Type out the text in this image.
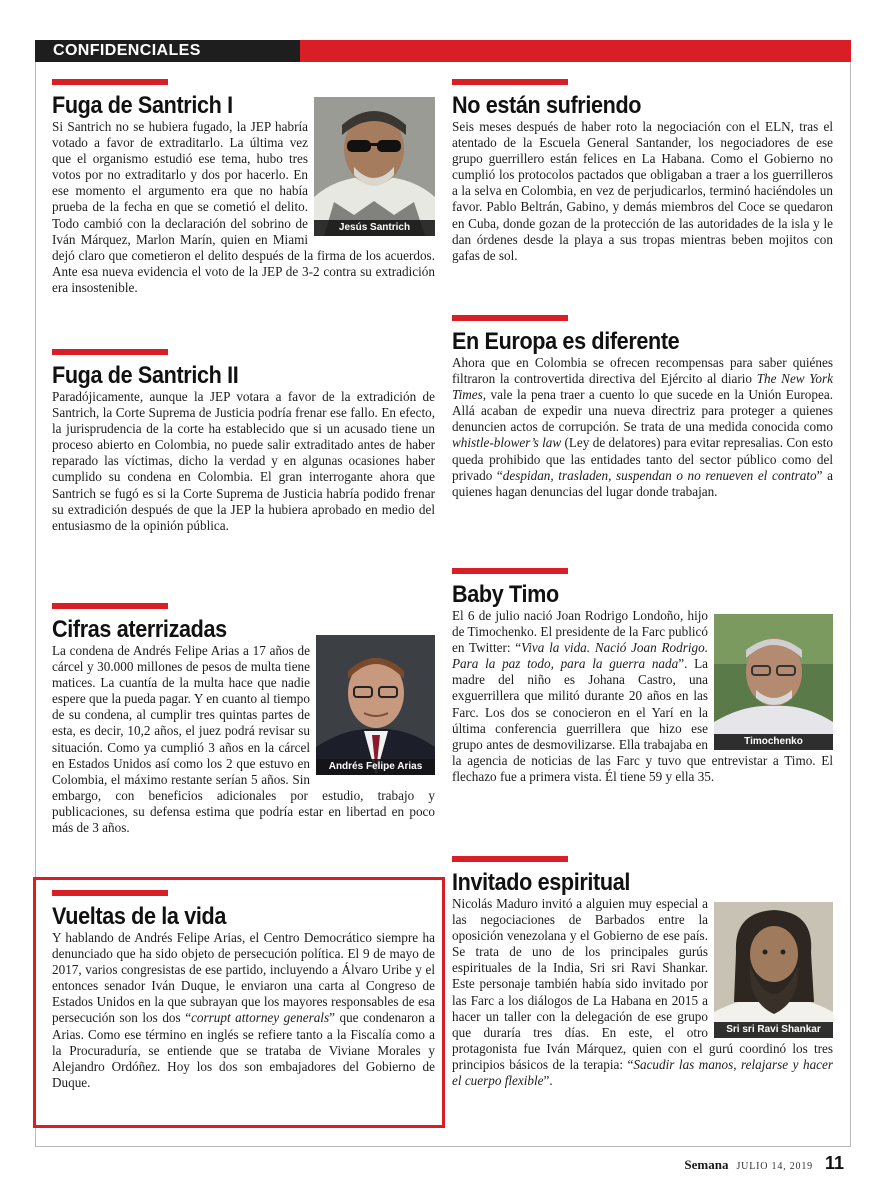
CONFIDENCIALES
Fuga de Santrich I
Jesús Santrich

Si Santrich no se hubiera fugado, la JEP habría votado a favor de extraditarlo. La última vez que el organismo estudió ese tema, hubo tres votos por no extraditarlo y dos por hacerlo. En ese momento el argumento era que no había prueba de la fecha en que se cometió el delito. Todo cambió con la declaración del sobrino de Iván Márquez, Marlon Marín, quien en Miami dejó claro que cometieron el delito después de la firma de los acuerdos. Ante esa nueva evidencia el voto de la JEP de 3-2 contra su extradición era insostenible.

Fuga de Santrich II

Paradójicamente, aunque la JEP votara a favor de la extradición de Santrich, la Corte Suprema de Justicia podría frenar ese fallo. En efecto, la jurisprudencia de la corte ha establecido que si un acusado tiene un proceso abierto en Colombia, no puede salir extraditado antes de haber reparado las víctimas, dicho la verdad y en algunas ocasiones haber cumplido su condena en Colombia. El gran interrogante ahora que Santrich se fugó es si la Corte Suprema de Justicia habría podido frenar su extradición después de que la JEP la hubiera aprobado en medio del entusiasmo de la opinión pública.

Cifras aterrizadas
Andrés Felipe Arias

La condena de Andrés Felipe Arias a 17 años de cárcel y 30.000 millones de pesos de multa tiene matices. La cuantía de la multa hace que nadie espere que la pueda pagar. Y en cuanto al tiempo de su condena, al cumplir tres quintas partes de esta, es decir, 10,2 años, el juez podrá revisar su situación. Como ya cumplió 3 años en la cárcel en Estados Unidos así como los 2 que estuvo en Colombia, el máximo restante serían 5 años. Sin embargo, con beneficios adicionales por estudio, trabajo y publicaciones, su defensa estima que podría estar en libertad en poco más de 3 años.

Vueltas de la vida

Y hablando de Andrés Felipe Arias, el Centro Democrático siempre ha denunciado que ha sido objeto de persecución política. El 9 de mayo de 2017, varios congresistas de ese partido, incluyendo a Álvaro Uribe y el entonces senador Iván Duque, le enviaron una carta al Congreso de Estados Unidos en la que subrayan que los mayores responsables de esa persecución son los dos “corrupt attorney generals” que condenaron a Arias. Como ese término en inglés se refiere tanto a la Fiscalía como a la Procuraduría, se entiende que se trataba de Viviane Morales y Alejandro Ordóñez. Hoy los dos son embajadores del Gobierno de Duque.

No están sufriendo

Seis meses después de haber roto la negociación con el ELN, tras el atentado de la Escuela General Santander, los negociadores de ese grupo guerrillero están felices en La Habana. Como el Gobierno no cumplió los protocolos pactados que obligaban a traer a los guerrilleros a la selva en Colombia, en vez de perjudicarlos, terminó haciéndoles un favor. Pablo Beltrán, Gabino, y demás miembros del Coce se quedaron en Cuba, donde gozan de la protección de las autoridades de la isla y le dan órdenes desde la playa a sus tropas mientras beben mojitos con gafas de sol.

En Europa es diferente

Ahora que en Colombia se ofrecen recompensas para saber quiénes filtraron la controvertida directiva del Ejército al diario The New York Times, vale la pena traer a cuento lo que sucede en la Unión Europea. Allá acaban de expedir una nueva directriz para proteger a quienes denuncien actos de corrupción. Se trata de una medida conocida como whistle-blower’s law (Ley de delatores) para evitar represalias. Con esto queda prohibido que las entidades tanto del sector público como del privado “despidan, trasladen, suspendan o no renueven el contrato” a quienes hagan denuncias del lugar donde trabajan.

Baby Timo
Timochenko

El 6 de julio nació Joan Rodrigo Londoño, hijo de Timochenko. El presidente de la Farc publicó en Twitter: “Viva la vida. Nació Joan Rodrigo. Para la paz todo, para la guerra nada”. La madre del niño es Johana Castro, una exguerrillera que militó durante 20 años en las Farc. Los dos se conocieron en el Yarí en la última conferencia guerrillera que hizo ese grupo antes de desmovilizarse. Ella trabajaba en la agencia de noticias de las Farc y tuvo que entrevistar a Timo. El flechazo fue a primera vista. Él tiene 59 y ella 35.

Invitado espiritual
Sri sri Ravi Shankar

Nicolás Maduro invitó a alguien muy especial a las negociaciones de Barbados entre la oposición venezolana y el Gobierno de ese país. Se trata de uno de los principales gurús espirituales de la India, Sri sri Ravi Shankar. Este personaje también había sido invitado por las Farc a los diálogos de La Habana en 2015 a hacer un taller con la delegación de ese grupo que duraría tres días. En este, el otro protagonista fue Iván Márquez, quien con el gurú coordinó los tres principios básicos de la terapia: “Sacudir las manos, relajarse y hacer el cuerpo flexible”.

Semana JULIO 14, 2019 11
